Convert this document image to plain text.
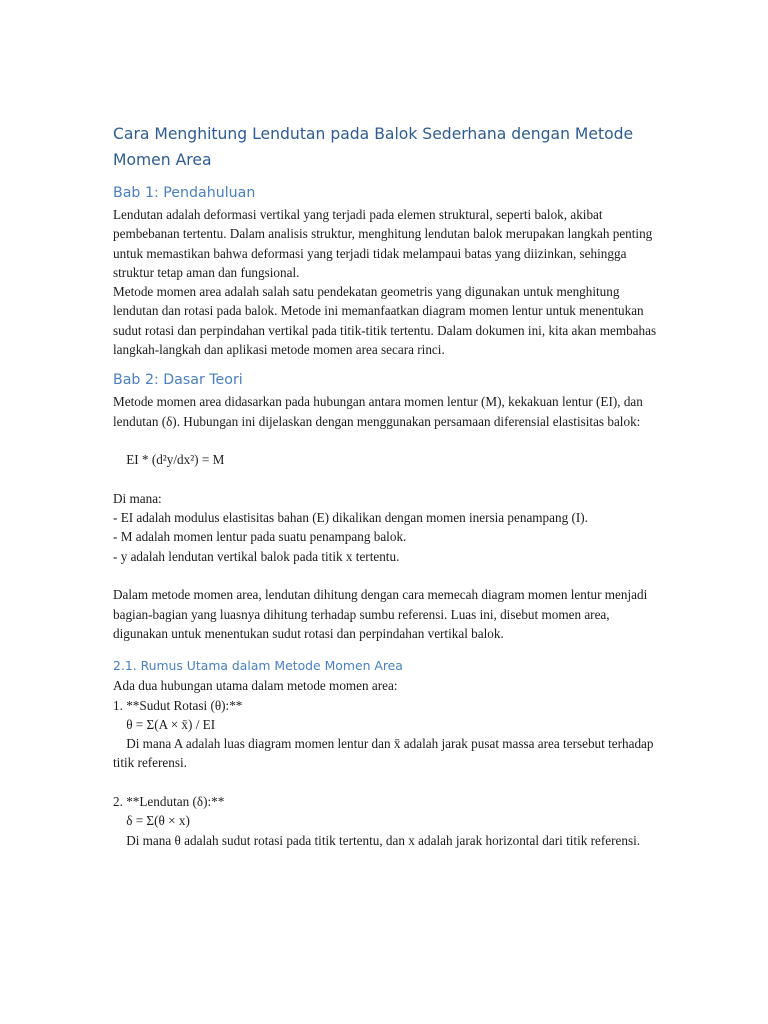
Cara Menghitung Lendutan pada Balok Sederhana dengan Metode Momen Area
Bab 1: Pendahuluan

Lendutan adalah deformasi vertikal yang terjadi pada elemen struktural, seperti balok, akibat pembebanan tertentu. Dalam analisis struktur, menghitung lendutan balok merupakan langkah penting untuk memastikan bahwa deformasi yang terjadi tidak melampaui batas yang diizinkan, sehingga struktur tetap aman dan fungsional.

Metode momen area adalah salah satu pendekatan geometris yang digunakan untuk menghitung lendutan dan rotasi pada balok. Metode ini memanfaatkan diagram momen lentur untuk menentukan sudut rotasi dan perpindahan vertikal pada titik-titik tertentu. Dalam dokumen ini, kita akan membahas langkah-langkah dan aplikasi metode momen area secara rinci.

Bab 2: Dasar Teori

Metode momen area didasarkan pada hubungan antara momen lentur (M), kekakuan lentur (EI), dan lendutan (δ). Hubungan ini dijelaskan dengan menggunakan persamaan diferensial elastisitas balok:

EI * (d²y/dx²) = M

Di mana:

- EI adalah modulus elastisitas bahan (E) dikalikan dengan momen inersia penampang (I).

- M adalah momen lentur pada suatu penampang balok.

- y adalah lendutan vertikal balok pada titik x tertentu.

Dalam metode momen area, lendutan dihitung dengan cara memecah diagram momen lentur menjadi bagian-bagian yang luasnya dihitung terhadap sumbu referensi. Luas ini, disebut momen area, digunakan untuk menentukan sudut rotasi dan perpindahan vertikal balok.

2.1. Rumus Utama dalam Metode Momen Area

Ada dua hubungan utama dalam metode momen area:

1. **Sudut Rotasi (θ):**

θ = Σ(A × x̄) / EI

Di mana A adalah luas diagram momen lentur dan x̄ adalah jarak pusat massa area tersebut terhadap titik referensi.

2. **Lendutan (δ):**

δ = Σ(θ × x)

Di mana θ adalah sudut rotasi pada titik tertentu, dan x adalah jarak horizontal dari titik referensi.
